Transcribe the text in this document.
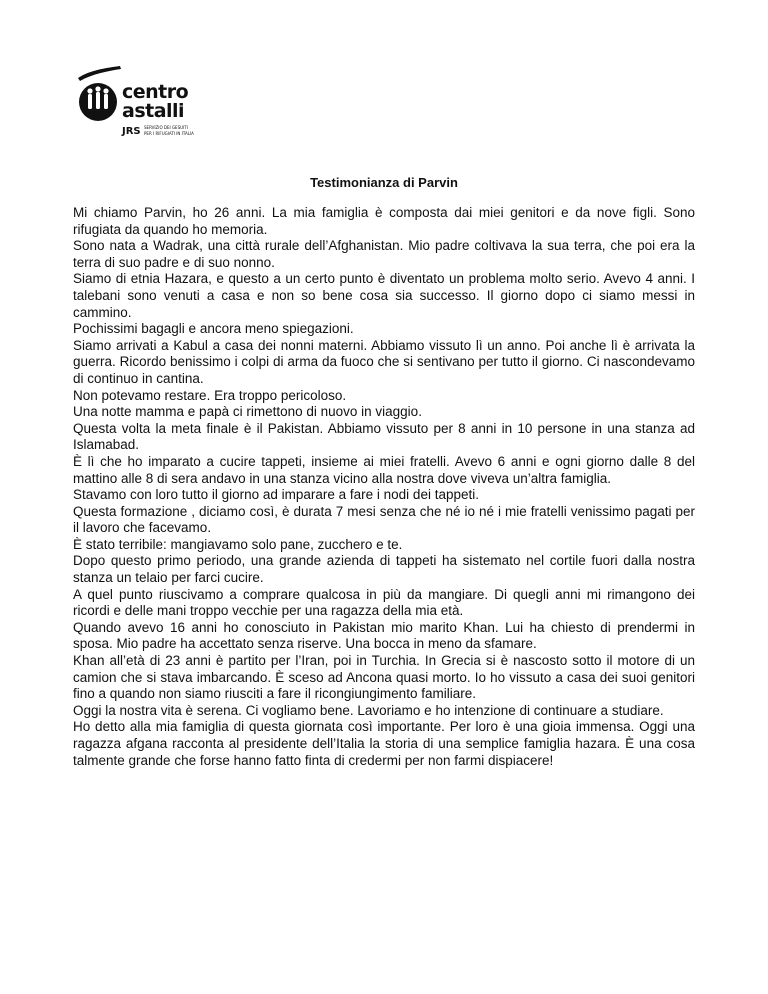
centro
astalli
JRS SERVIZIO DEI GESUITI
PER I RIFUGIATI IN ITALIA
Testimonianza di Parvin

Mi chiamo Parvin, ho 26 anni. La mia famiglia è composta dai miei genitori e da nove figli. Sono rifugiata da quando ho memoria.

Sono nata a Wadrak, una città rurale dell’Afghanistan. Mio padre coltivava la sua terra, che poi era la terra di suo padre e di suo nonno.

Siamo di etnia Hazara, e questo a un certo punto è diventato un problema molto serio. Avevo 4 anni. I talebani sono venuti a casa e non so bene cosa sia successo. Il giorno dopo ci siamo messi in cammino.

Pochissimi bagagli e ancora meno spiegazioni.

Siamo arrivati a Kabul a casa dei nonni materni. Abbiamo vissuto lì un anno. Poi anche lì è arrivata la guerra. Ricordo benissimo i colpi di arma da fuoco che si sentivano per tutto il giorno. Ci nascondevamo di continuo in cantina.

Non potevamo restare. Era troppo pericoloso.

Una notte mamma e papà ci rimettono di nuovo in viaggio.

Questa volta la meta finale è il Pakistan. Abbiamo vissuto per 8 anni in 10 persone in una stanza ad Islamabad.

È lì che ho imparato a cucire tappeti, insieme ai miei fratelli. Avevo 6 anni e ogni giorno dalle 8 del mattino alle 8 di sera andavo in una stanza vicino alla nostra dove viveva un’altra famiglia.

Stavamo con loro tutto il giorno ad imparare a fare i nodi dei tappeti.

Questa formazione , diciamo così, è durata 7 mesi senza che né io né i mie fratelli venissimo pagati per il lavoro che facevamo.

È stato terribile: mangiavamo solo pane, zucchero e te.

Dopo questo primo periodo, una grande azienda di tappeti ha sistemato nel cortile fuori dalla nostra stanza un telaio per farci cucire.

A quel punto riuscivamo a comprare qualcosa in più da mangiare. Di quegli anni mi rimangono dei ricordi e delle mani troppo vecchie per una ragazza della mia età.

Quando avevo 16 anni ho conosciuto in Pakistan mio marito Khan. Lui ha chiesto di prendermi in sposa. Mio padre ha accettato senza riserve. Una bocca in meno da sfamare.

Khan all’età di 23 anni è partito per l’Iran, poi in Turchia. In Grecia si è nascosto sotto il motore di un camion che si stava imbarcando. È sceso ad Ancona quasi morto. Io ho vissuto a casa dei suoi genitori fino a quando non siamo riusciti a fare il ricongiungimento familiare.

Oggi la nostra vita è serena. Ci vogliamo bene. Lavoriamo e ho intenzione di continuare a studiare.

Ho detto alla mia famiglia di questa giornata così importante. Per loro è una gioia immensa. Oggi una ragazza afgana racconta al presidente dell’Italia la storia di una semplice famiglia hazara. È una cosa talmente grande che forse hanno fatto finta di credermi per non farmi dispiacere!
